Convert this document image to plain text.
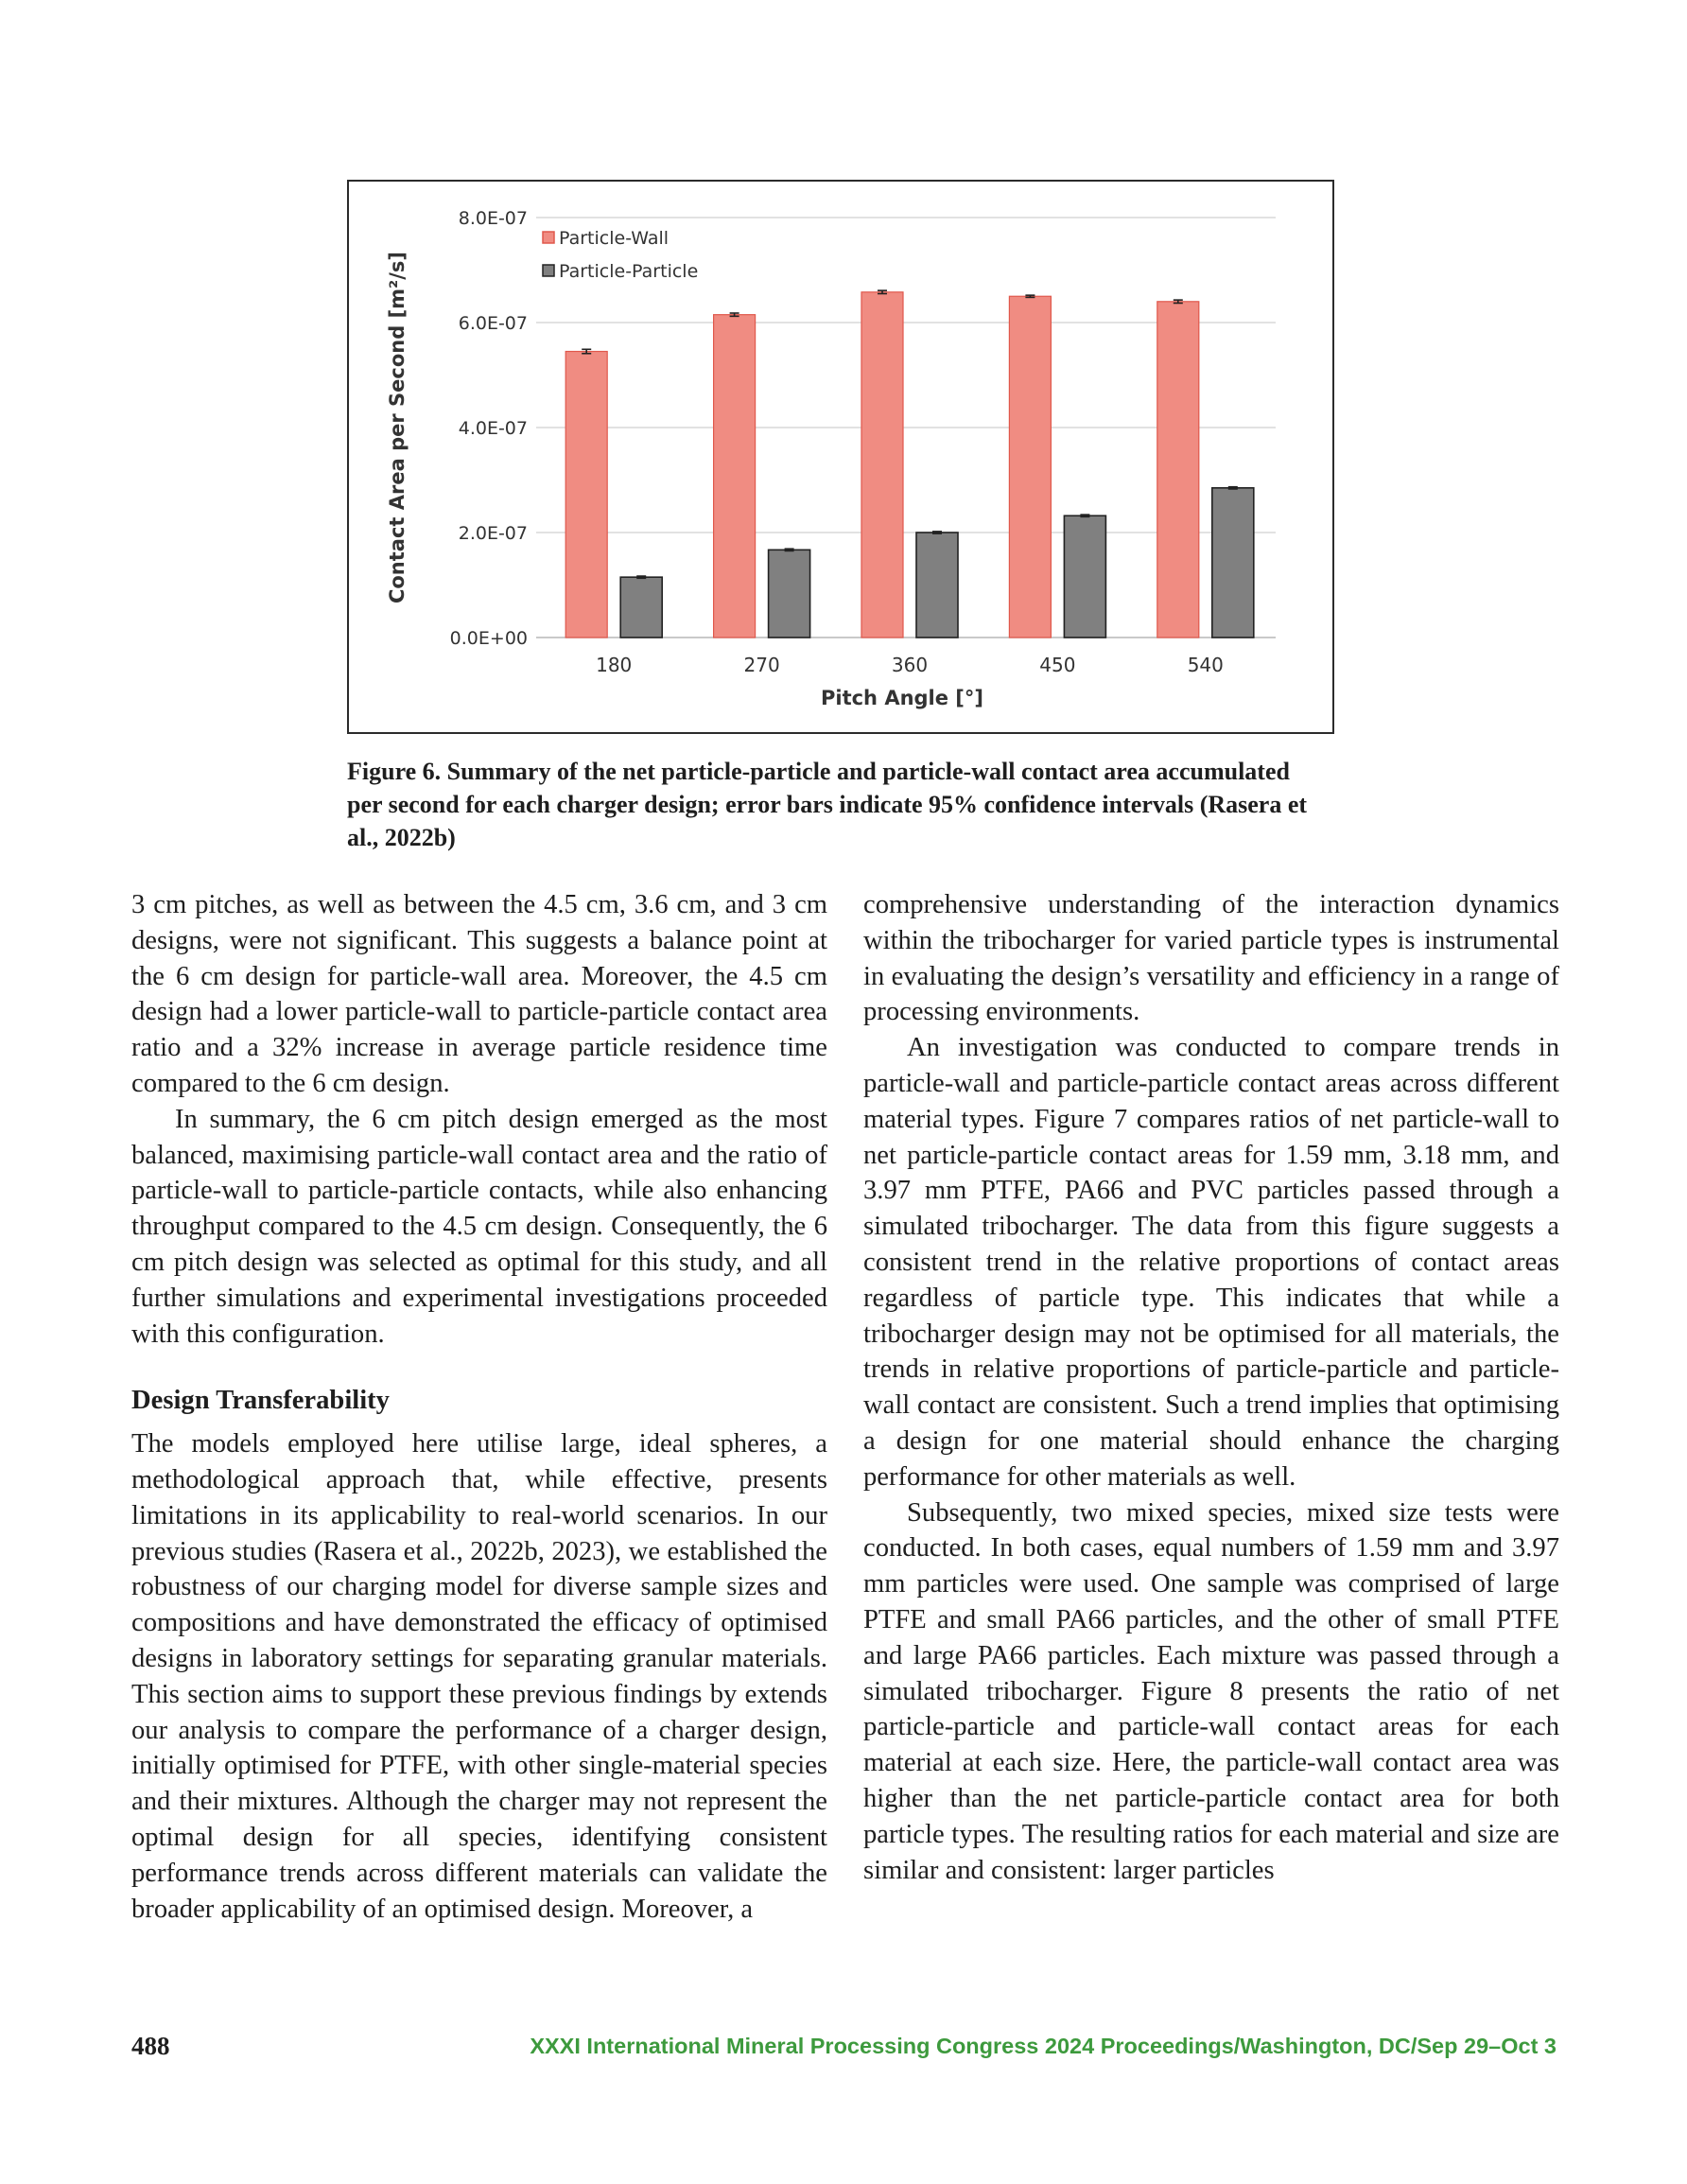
0.0E+00
2.0E-07
4.0E-07
6.0E-07
8.0E-07
180	270	360	450	540
Particle-Wall
Particle-Particle
Pitch Angle [°]
Contact Area per Second [m²/s]
Figure 6. Summary of the net particle-particle and particle-wall contact area accumulated per second for each charger design; error bars indicate 95% confidence intervals (Rasera et al., 2022b)

3 cm pitches, as well as between the 4.5 cm, 3.6 cm, and 3 cm designs, were not significant. This suggests a balance point at the 6 cm design for particle-wall area. Moreover, the 4.5 cm design had a lower particle-wall to particle-particle contact area ratio and a 32% increase in average particle residence time compared to the 6 cm design.

In summary, the 6 cm pitch design emerged as the most balanced, maximising particle-wall contact area and the ratio of particle-wall to particle-particle contacts, while also enhancing throughput compared to the 4.5 cm design. Consequently, the 6 cm pitch design was selected as optimal for this study, and all further simulations and experimental investigations proceeded with this configuration.

Design Transferability

The models employed here utilise large, ideal spheres, a methodological approach that, while effective, presents limitations in its applicability to real-world scenarios. In our previous studies (Rasera et al., 2022b, 2023), we established the robustness of our charging model for diverse sample sizes and compositions and have demonstrated the efficacy of optimised designs in laboratory settings for separating granular materials. This section aims to support these previous findings by extends our analysis to compare the performance of a charger design, initially optimised for PTFE, with other single-material species and their mixtures. Although the charger may not represent the optimal design for all species, identifying consistent performance trends across different materials can validate the broader applicability of an optimised design. Moreover, a

comprehensive understanding of the interaction dynamics within the tribocharger for varied particle types is instrumental in evaluating the design’s versatility and efficiency in a range of processing environments.

An investigation was conducted to compare trends in particle-wall and particle-particle contact areas across different material types. Figure 7 compares ratios of net particle-wall to net particle-particle contact areas for 1.59 mm, 3.18 mm, and 3.97 mm PTFE, PA66 and PVC particles passed through a simulated tribocharger. The data from this figure suggests a consistent trend in the relative proportions of contact areas regardless of particle type. This indicates that while a tribocharger design may not be optimised for all materials, the trends in relative proportions of particle-particle and particle-wall contact are consistent. Such a trend implies that optimising a design for one material should enhance the charging performance for other materials as well.

Subsequently, two mixed species, mixed size tests were conducted. In both cases, equal numbers of 1.59 mm and 3.97 mm particles were used. One sample was comprised of large PTFE and small PA66 particles, and the other of small PTFE and large PA66 particles. Each mixture was passed through a simulated tribocharger. Figure 8 presents the ratio of net particle-particle and particle-wall contact areas for each material at each size. Here, the particle-wall contact area was higher than the net particle-particle contact area for both particle types. The resulting ratios for each material and size are similar and consistent: larger particles

488	XXXI International Mineral Processing Congress 2024 Proceedings/Washington, DC/Sep 29–Oct 3
